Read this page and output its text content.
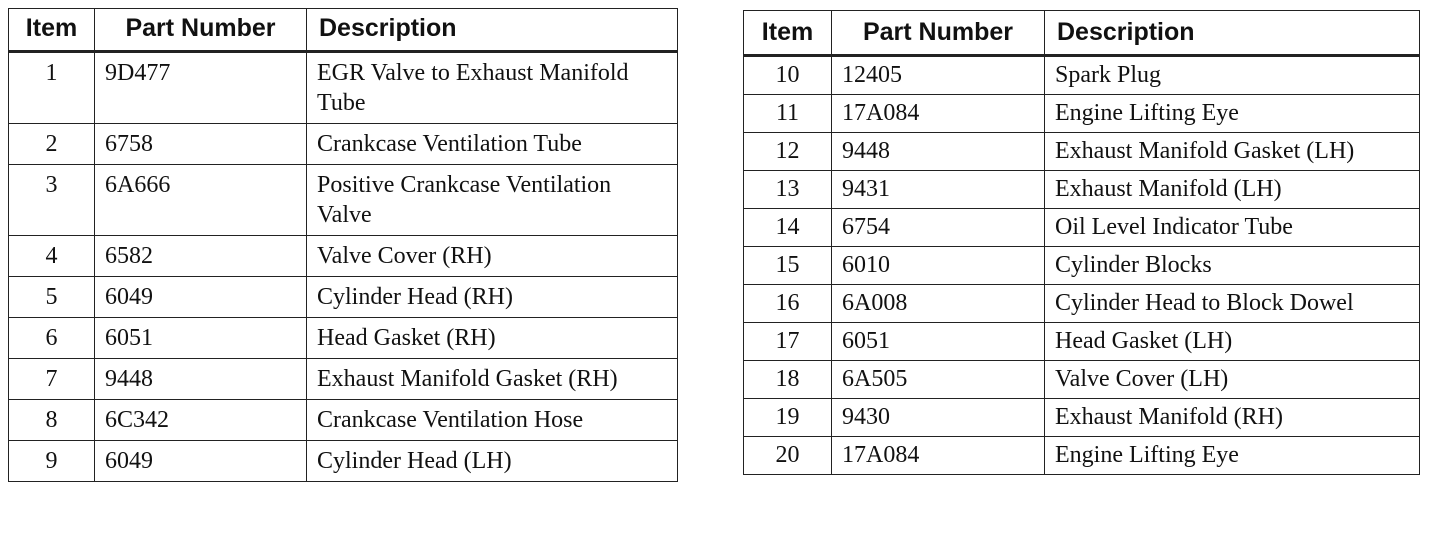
Item	Part Number	Description
1	9D477	EGR Valve to Exhaust Manifold Tube
2	6758	Crankcase Ventilation Tube
3	6A666	Positive Crankcase Ventilation Valve
4	6582	Valve Cover (RH)
5	6049	Cylinder Head (RH)
6	6051	Head Gasket (RH)
7	9448	Exhaust Manifold Gasket (RH)
8	6C342	Crankcase Ventilation Hose
9	6049	Cylinder Head (LH)
Item	Part Number	Description
10	12405	Spark Plug
11	17A084	Engine Lifting Eye
12	9448	Exhaust Manifold Gasket (LH)
13	9431	Exhaust Manifold (LH)
14	6754	Oil Level Indicator Tube
15	6010	Cylinder Blocks
16	6A008	Cylinder Head to Block Dowel
17	6051	Head Gasket (LH)
18	6A505	Valve Cover (LH)
19	9430	Exhaust Manifold (RH)
20	17A084	Engine Lifting Eye
